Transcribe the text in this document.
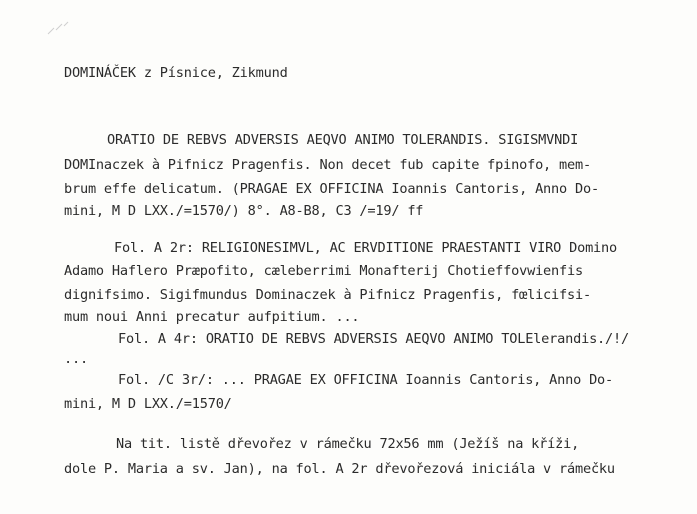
DOMINÁČEK z Písnice, Zikmund
ORATIO DE REBVS ADVERSIS AEQVO ANIMO TOLERANDIS. SIGISMVNDI
DOMInaczek à Pifnicz Pragenfis. Non decet fub capite fpinofo, mem-
brum effe delicatum. (PRAGAE EX OFFICINA Ioannis Cantoris, Anno Do-
mini, M D LXX./=1570/) 8°. A8-B8, C3 /=19/ ff
Fol. A 2r: RELIGIONESIMVL, AC ERVDITIONE PRAESTANTI VIRO Domino
Adamo Haflero Præpofito, cæleberrimi Monafterij Chotieffovwienfis
dignifsimo. Sigifmundus Dominaczek à Pifnicz Pragenfis, fœlicifsi-
mum noui Anni precatur aufpitium. ...
Fol. A 4r: ORATIO DE REBVS ADVERSIS AEQVO ANIMO TOLElerandis./!/
...
Fol. /C 3r/: ... PRAGAE EX OFFICINA Ioannis Cantoris, Anno Do-
mini, M D LXX./=1570/
Na tit. listě dřevořez v rámečku 72x56 mm (Ježíš na kříži,
dole P. Maria a sv. Jan), na fol. A 2r dřevořezová iniciála v rámečku
